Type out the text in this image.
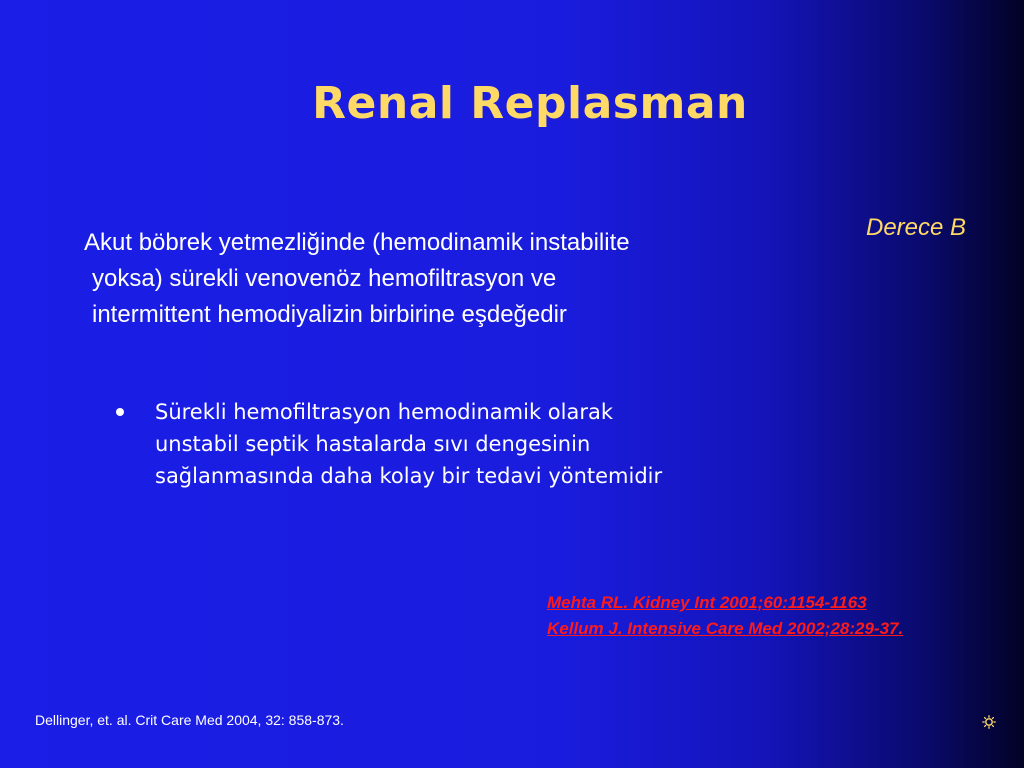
Renal Replasman
Derece B
Akut böbrek yetmezliğinde (hemodinamik instabilite
yoksa) sürekli venovenöz hemofiltrasyon ve
intermittent hemodiyalizin birbirine eşdeğedir
Sürekli hemofiltrasyon hemodinamik olarak
unstabil septik hastalarda sıvı dengesinin
sağlanmasında daha kolay bir tedavi yöntemidir
Mehta RL. Kidney Int 2001;60:1154-1163
Kellum J. Intensive Care Med 2002;28:29-37.
Dellinger, et. al. Crit Care Med 2004, 32: 858-873.
